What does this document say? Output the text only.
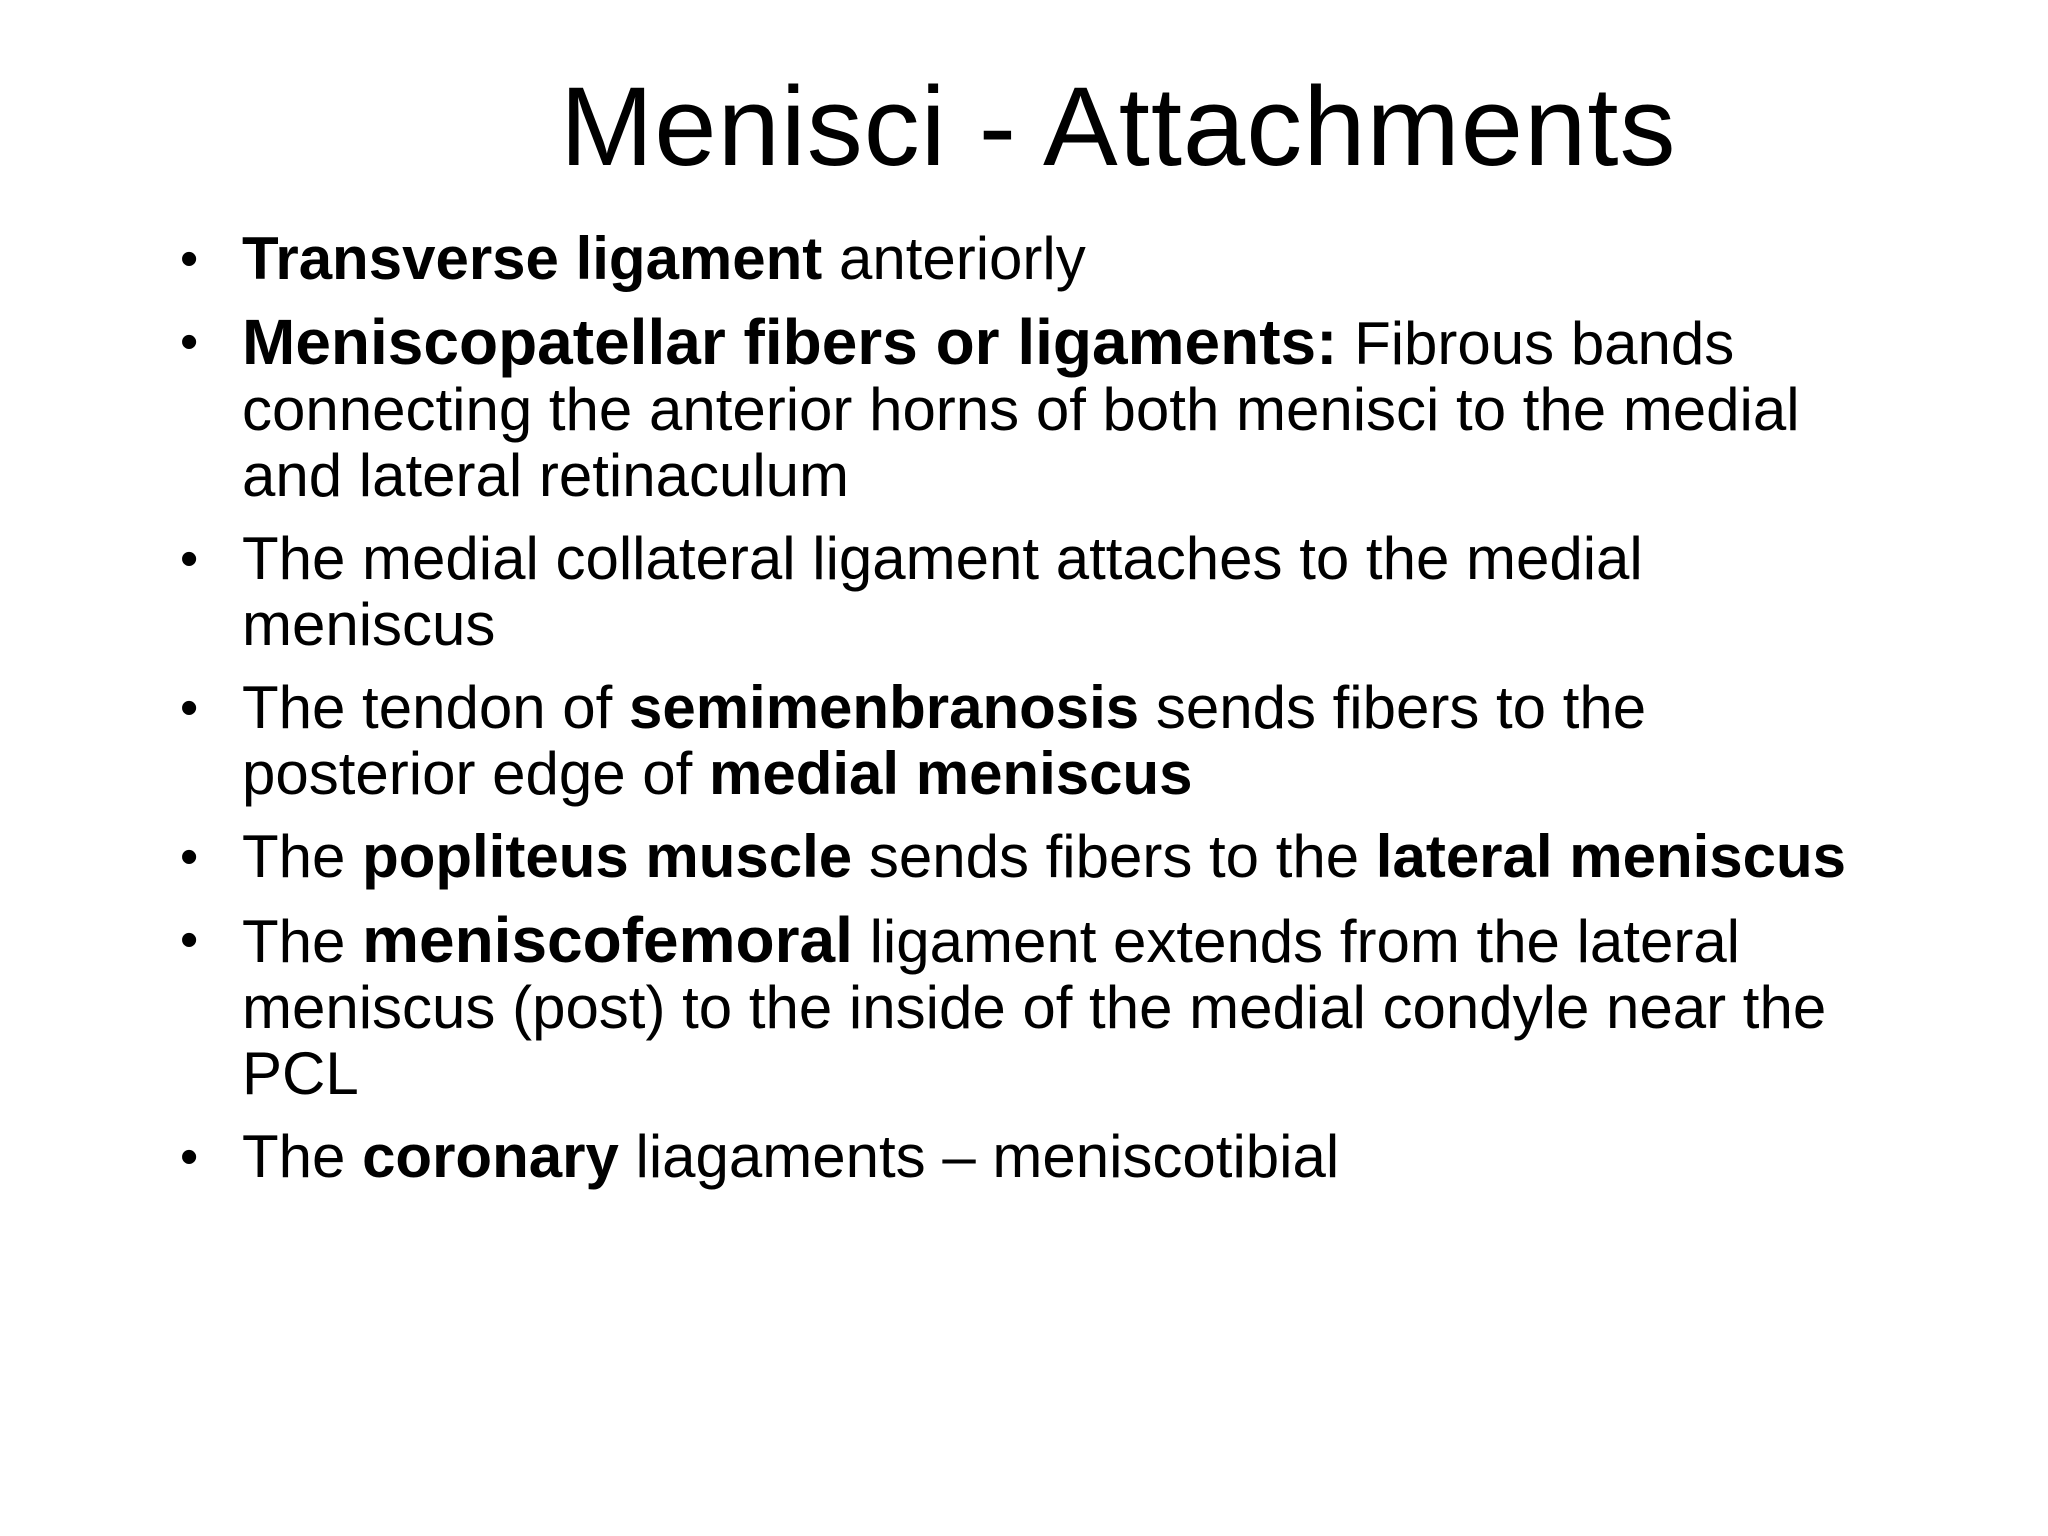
Menisci - Attachments
• Transverse ligament anteriorly
• Meniscopatellar fibers or ligaments: Fibrous bands connecting the anterior horns of both menisci to the medial and lateral retinaculum
• The medial collateral ligament attaches to the medial meniscus
• The tendon of semimenbranosis sends fibers to the posterior edge of medial meniscus
• The popliteus muscle sends fibers to the lateral meniscus
• The meniscofemoral ligament extends from the lateral meniscus (post) to the inside of the medial condyle near the PCL
• The coronary liagaments – meniscotibial
